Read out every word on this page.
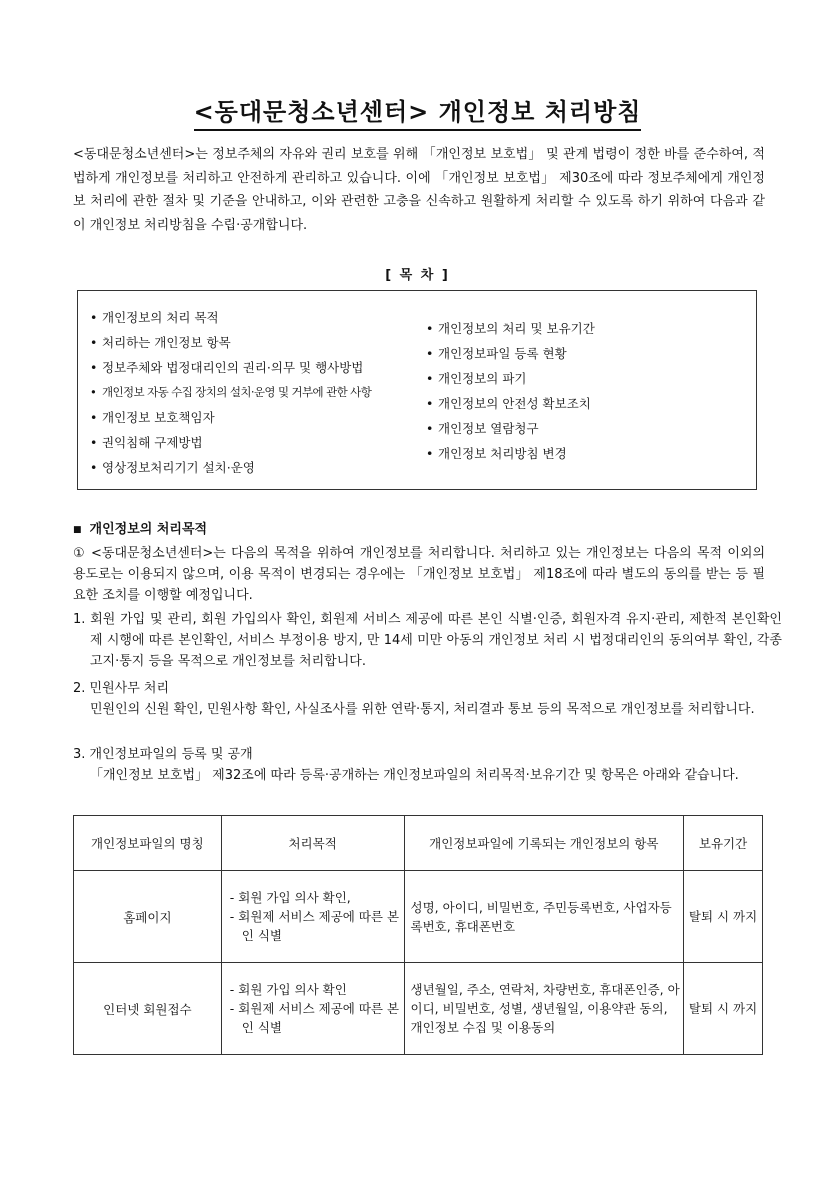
<동대문청소년센터> 개인정보 처리방침
<동대문청소년센터>는 정보주체의 자유와 권리 보호를 위해 「개인정보 보호법」 및 관계 법령이 정한 바를 준수하여, 적법하게 개인정보를 처리하고 안전하게 관리하고 있습니다. 이에 「개인정보 보호법」 제30조에 따라 정보주체에게 개인정보 처리에 관한 절차 및 기준을 안내하고, 이와 관련한 고충을 신속하고 원활하게 처리할 수 있도록 하기 위하여 다음과 같이 개인정보 처리방침을 수립·공개합니다.
[ 목 차 ]
• 개인정보의 처리 목적
• 처리하는 개인정보 항목
• 정보주체와 법정대리인의 권리·의무 및 행사방법
• 개인정보 자동 수집 장치의 설치·운영 및 거부에 관한 사항
• 개인정보 보호책임자
• 권익침해 구제방법
• 영상정보처리기기 설치·운영
• 개인정보의 처리 및 보유기간
• 개인정보파일 등록 현황
• 개인정보의 파기
• 개인정보의 안전성 확보조치
• 개인정보 열람청구
• 개인정보 처리방침 변경
■ 개인정보의 처리목적
① <동대문청소년센터>는 다음의 목적을 위하여 개인정보를 처리합니다. 처리하고 있는 개인정보는 다음의 목적 이외의 용도로는 이용되지 않으며, 이용 목적이 변경되는 경우에는 「개인정보 보호법」 제18조에 따라 별도의 동의를 받는 등 필요한 조치를 이행할 예정입니다.
1. 회원 가입 및 관리, 회원 가입의사 확인, 회원제 서비스 제공에 따른 본인 식별·인증, 회원자격 유지·관리, 제한적 본인확인제 시행에 따른 본인확인, 서비스 부정이용 방지, 만 14세 미만 아동의 개인정보 처리 시 법정대리인의 동의여부 확인, 각종 고지·통지 등을 목적으로 개인정보를 처리합니다.
2. 민원사무 처리
민원인의 신원 확인, 민원사항 확인, 사실조사를 위한 연락·통지, 처리결과 통보 등의 목적으로 개인정보를 처리합니다.
3. 개인정보파일의 등록 및 공개
「개인정보 보호법」 제32조에 따라 등록·공개하는 개인정보파일의 처리목적·보유기간 및 항목은 아래와 같습니다.
개인정보파일의 명칭	처리목적	개인정보파일에 기록되는 개인정보의 항목	보유기간
홈페이지	- 회원 가입 의사 확인,
- 회원제 서비스 제공에 따른 본인 식별	성명, 아이디, 비밀번호, 주민등록번호, 사업자등록번호, 휴대폰번호	탈퇴 시 까지
인터넷 회원접수	- 회원 가입 의사 확인
- 회원제 서비스 제공에 따른 본인 식별	생년월일, 주소, 연락처, 차량번호, 휴대폰인증, 아이디, 비밀번호, 성별, 생년월일, 이용약관 동의, 개인정보 수집 및 이용동의	탈퇴 시 까지
